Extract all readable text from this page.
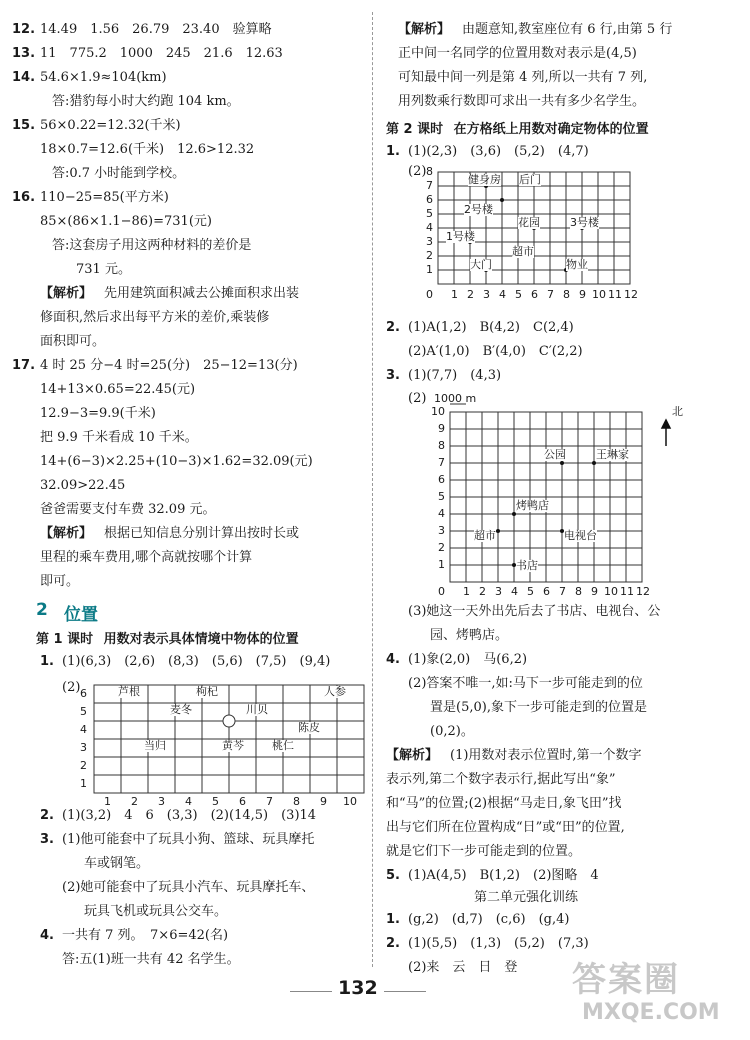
12. 14.49　1.56　26.79　23.40　验算略
13. 11　775.2　1000　245　21.6　12.63
14. 54.6×1.9≈104(km)
答:猎豹每小时大约跑 104 km。
15. 56×0.22=12.32(千米)
18×0.7=12.6(千米)　12.6>12.32
答:0.7 小时能到学校。
16. 110−25=85(平方米)
85×(86×1.1−86)=731(元)
答:这套房子用这两种材料的差价是
731 元。
【解析】 先用建筑面积减去公摊面积求出装
修面积,然后求出每平方米的差价,乘装修
面积即可。
17. 4 时 25 分−4 时=25(分)　25−12=13(分)
14+13×0.65=22.45(元)
12.9−3=9.9(千米)
把 9.9 千米看成 10 千米。
14+(6−3)×2.25+(10−3)×1.62=32.09(元)
32.09>22.45
爸爸需要支付车费 32.09 元。
【解析】 根据已知信息分别计算出按时长或
里程的乘车费用,哪个高就按哪个计算
即可。
2 位置
第 1 课时 用数对表示具体情境中物体的位置
1. (1)(6,3)　(2,6)　(8,3)　(5,6)　(7,5)　(9,4)
(2) 6
5
4
3
2
1
1 2 3 4 5 6 7 8 9 10
芦根	枸杞	人参
麦冬	川贝
陈皮
当归	黄芩	桃仁
2. (1)(3,2)　4　6　(3,3)　(2)(14,5)　(3)14
3. (1)他可能套中了玩具小狗、篮球、玩具摩托
车或钢笔。
(2)她可能套中了玩具小汽车、玩具摩托车、
玩具飞机或玩具公交车。
4. 一共有 7 列。　7×6=42(名)
答:五(1)班一共有 42 名学生。
【解析】 由题意知,教室座位有 6 行,由第 5 行
正中间一名同学的位置用数对表示是(4,5)
可知最中间一列是第 4 列,所以一共有 7 列,
用列数乘行数即可求出一共有多少名学生。
第 2 课时 在方格纸上用数对确定物体的位置
1. (1)(2,3)　(3,6)　(5,2)　(4,7)
(2) 8
7
6
5
4
3
2
1
0 1 2 3 4 5 6 7 8 9 10 11 12
健身房 后门
2号楼
花园	3号楼
1号楼
超市
大门	物业
2. (1)A(1,2)　B(4,2)　C(2,4)
(2)A′(1,0)　B′(4,0)　C′(2,2)
3. (1)(7,7)　(4,3)
(2) 1000 m
北
10
9
8
7
6
5
4
3
2
1
0 1 2 3 4 5 6 7 8 9 10 11 12
公园	王琳家
烤鸭店
超市	电视台
书店
(3)她这一天外出先后去了书店、电视台、公
园、烤鸭店。
4. (1)象(2,0)　马(6,2)
(2)答案不唯一,如:马下一步可能走到的位
置是(5,0),象下一步可能走到的位置是
(0,2)。
【解析】 (1)用数对表示位置时,第一个数字
表示列,第二个数字表示行,据此写出“象”
和“马”的位置;(2)根据“马走日,象飞田”找
出与它们所在位置构成“日”或“田”的位置,
就是它们下一步可能走到的位置。
5. (1)A(4,5)　B(1,2)　(2)图略　4
第二单元强化训练
1. (g,2)　(d,7)　(c,6)　(g,4)
2. (1)(5,5)　(1,3)　(5,2)　(7,3)
(2)来　云　日　登
132	答案圈
MXQE.COM
